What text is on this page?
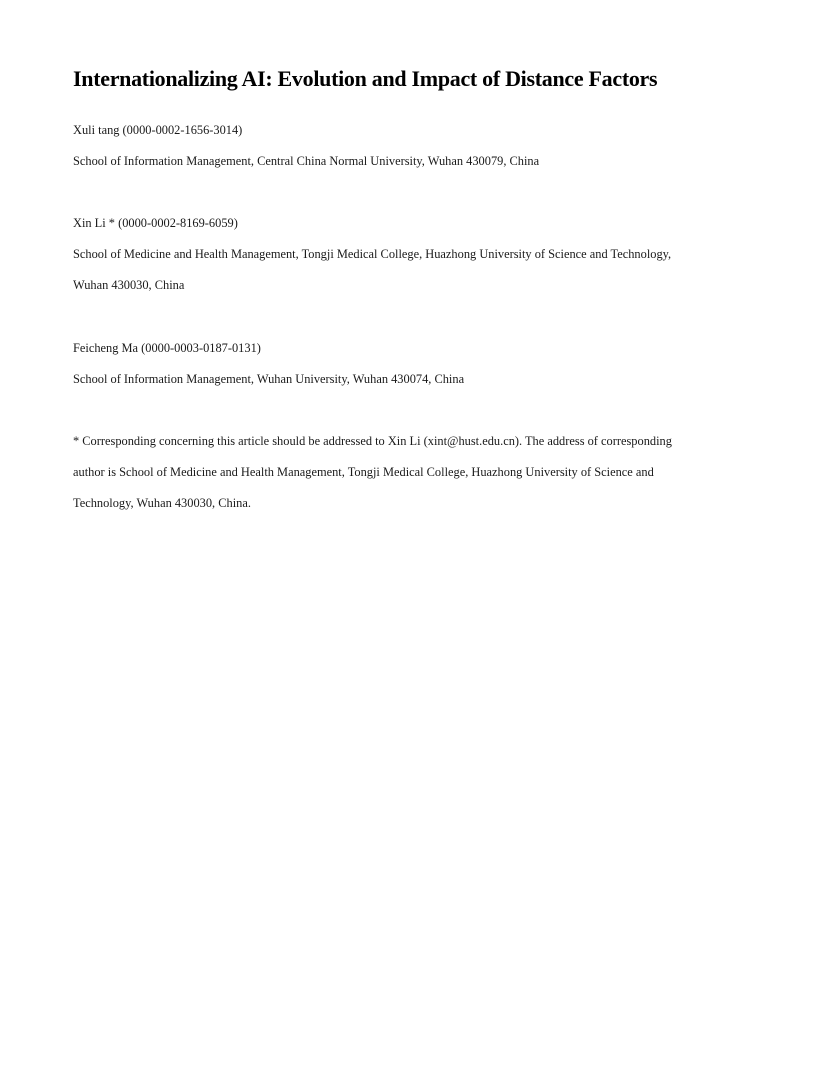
Internationalizing AI: Evolution and Impact of Distance Factors

Xuli tang (0000-0002-1656-3014)

School of Information Management, Central China Normal University, Wuhan 430079, China

Xin Li * (0000-0002-8169-6059)

School of Medicine and Health Management, Tongji Medical College, Huazhong University of Science and Technology,

Wuhan 430030, China

Feicheng Ma (0000-0003-0187-0131)

School of Information Management, Wuhan University, Wuhan 430074, China

* Corresponding concerning this article should be addressed to Xin Li (xint@hust.edu.cn). The address of corresponding

author is School of Medicine and Health Management, Tongji Medical College, Huazhong University of Science and

Technology, Wuhan 430030, China.
